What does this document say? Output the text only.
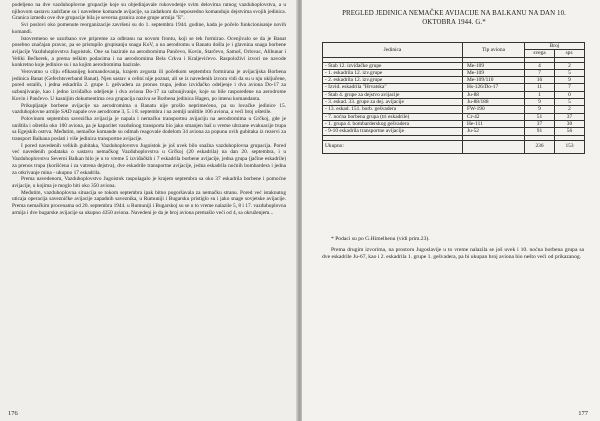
podeljeno na dve vazduhoplovne grupacije koje su objedinjavale rukovodenje svim delovima ratnog vazduhoplovstva, a u njihovom sastavu zadržane su i navedene komande avijacije, sa zadatkom da neposredno komanduju dejstvima svojih jedinica. Granica između ove dve grupacije bila je severna granica zone grupe armija "E".

Svi poslovi oko pomenute reorganizacije završeni su do 1. septembra 1944. godine, kada je počelo funkcionisanje novih komandi.

Istovremeno se uzurbano sve pripreme za odbranu na novom frontu, koji se tek formirao. Ocenjivalo se da je Banat posebno značajan pravac, pa se pristupilo grupisanju snaga KoV, a na aerodromu u Banatu došla je i glavnina snaga borbene avijacije Vazduhoplovstva Jugoistok. One su bazirale na aerodromima Pančevo, Kovin, Starčevo, Samoš, Orlovac, Alibunar i Veliki Bečkerek, a prema teškim podacima i na aerodromima Bela Crkva i Kraljevićevo. Raspoloživi izvori ne navode konkretno koje jedinice su i na kojim aerodromima bazirale.

Verovatno u cilju efikasnijeg komandovanja, krajem avgusta ili početkom septembra formirana je avijacijska Borbena jedinica Banat (Gefechtsverband Banat). Njen sastav u celini nije poznat, ali se iz navedenih izvora vidi da su u nju uključene, pored ostalih, i jedna eskadrila 2. grupe 1. gešvadera za pronos trupa, jedno izviđačko odeljenje i dva aviona Do-17 za uzbunjivanje, kao i jedno izviđačko odeljenje i dva aviona Do-17 za uzbunjivanje, koje su bile raspoređene na aerodrome Kovin i Pančevo. U kasnijim dokumentima ova grupacija naziva se Borbena jedinica Hagen, po imenu komandanta.

Prikupljanje borbene avijacije na aerodromima u Banatu nije prošlo neprimećeno, pa su lovačke jedinice 15. vazduhoplovne armije SAD napale ove aerodrome 3, 5. i 8. septembra i na zemlji uništile 106 aviona, a veći broj oštetile.

Polovinom septembra savezička avijacija je napala i nemačku transportnu avijaciju na aerodromima u Grčkoj, gde je uništila i oštetila oko 100 aviona, pa je kapacitet vazdušnog transporta bio jako smanjen baš u vreme ubrzane evakuacije trupa sa Egejskih ostrva. Međutim, nemačke komande su odmah reagovale dodelom 34 aviona za popunu ovih gubitaka iz rezervi za transport Balkana poslati i više jedinica transportne avijacije.

I pored navedenih velikih gubitaka, Vazduhoplovstvo Jugoistok je još uvek bilo snažna vazduhoplovna grupacija. Pored već navedenih podataka o sastavu nemačkog Vazduhoplovstva u Grčkoj (20 eskadrila) na dan 20. septembra, i u Vazduhoplovstvu Severni Balkan bilo je u to vreme 5 izviđačkih i 7 eskadrila borbene avijacije, jedna grupa (jačine eskadrile) za prenos trupa (korišćena i za vatrena dejstva), dve eskadrile transportne avijacije, jedna eskadrila noćnih bombardera i jedna za otkrivanje mina - ukupno 17 eskadrila.

Prema navedenom, Vazduhoplovstvo Jugoistok raspolagalo je krajem septembra sa oko 37 eskadrila borbene i pomoćne avijacije, u kojima je moglo biti oko 350 aviona.

Međutim, vazduhoplovna situacija se tokom septembra ipak bitno pogoršavala za nemačku stranu. Pored već istaknutog uticaja operacija savezničke avijacije zapadnih saveznika, u Rumuniji i Bugarsku pristiglo su i jako snage sovjetske avijacije. Prema nemačkim procenama od 20. septembra 1944. u Rumuniji i Bugarskoj su se u to vreme nalazile 5, 8 i 17. vazduhoplovna armija i dve bugarske avijacije sa ukupno 4350 aviona. Navedeni je da je broj aviona premašio veći od 4, sa okruženjem...

176
PREGLED JEDINICA NEMAČKE AVIJACIJE NA BALKANU NA DAN 10.
OKTOBRA 1944. G.*
Jedinica	Tip aviona	Broj	
		svega	spr.

- Štab 12. izviđačke grupe	Me-109	4	2
- 1. eskadrila 12. izv.grupe	Me-109	7	5
- 2. eskadrila 12. izv.grupe	Me-109/110	16	9
- Izvid. eskadrila "Hrvatska"	Hs-126/Do-17	11	7
- Štab 4. grupe za dejstvo avijacije	Ju-88	1	0
- 3. eskad. 33. grupe za dej. avijacije	Ju-88/188	9	5
- 13. eskad. 151. borb. gešvadera	FW-190	9	2
- 7. noćna borbena grupa (tri eskadrile)	Cr-42	51	37
- 1. grupa 4. bombarderskog gešvadera	He-111	37	30
- 9-10 eskadrila transportne avijacije	Ju-52	91	56

Ukupno:		236	153

* Podaci su po G.Himelhenu (vidi prim.23).

Prema drugim izvorima, na prostoru Jugoslavije u to vreme nalazila se još uvek i 10. noćna borbena grupa sa dve eskadrile Ju-67, kao i 2. eskadrila 1. grupe 1. gešvadera, pa bi ukupan broj aviona bio nešto veći od prikazanog.

177
